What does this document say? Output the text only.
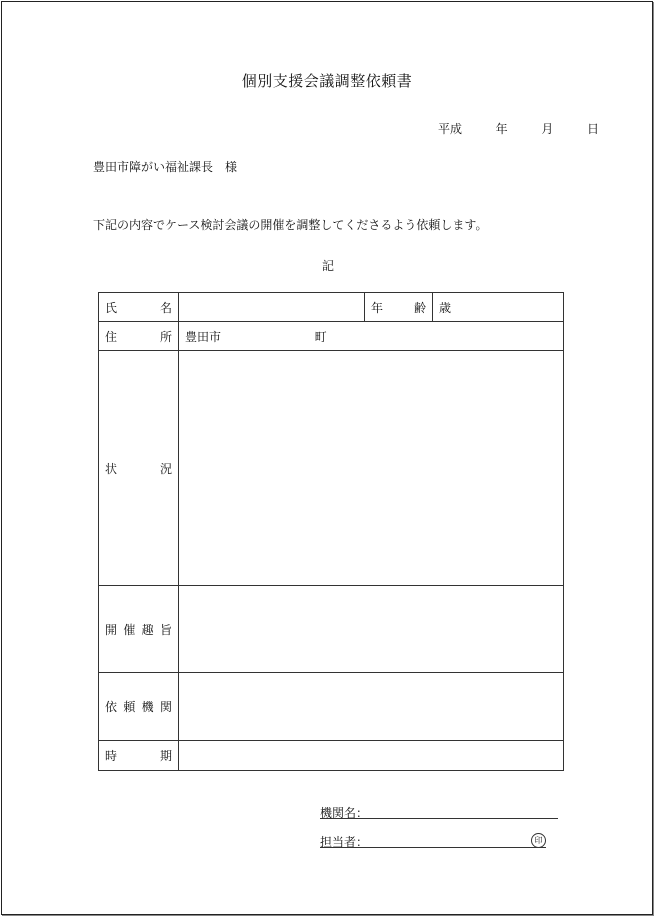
個別支援会議調整依頼書
平成	年	月	日
豊田市障がい福祉課長　様
下記の内容でケース検討会議の開催を調整してくださるよう依頼します。
記
氏 名		年 齢	歳

住 所	豊田市 町		

状 況			

開 催 趣 旨			

依 頼 機 関			

時 期			

機関名：
担当者：	印
